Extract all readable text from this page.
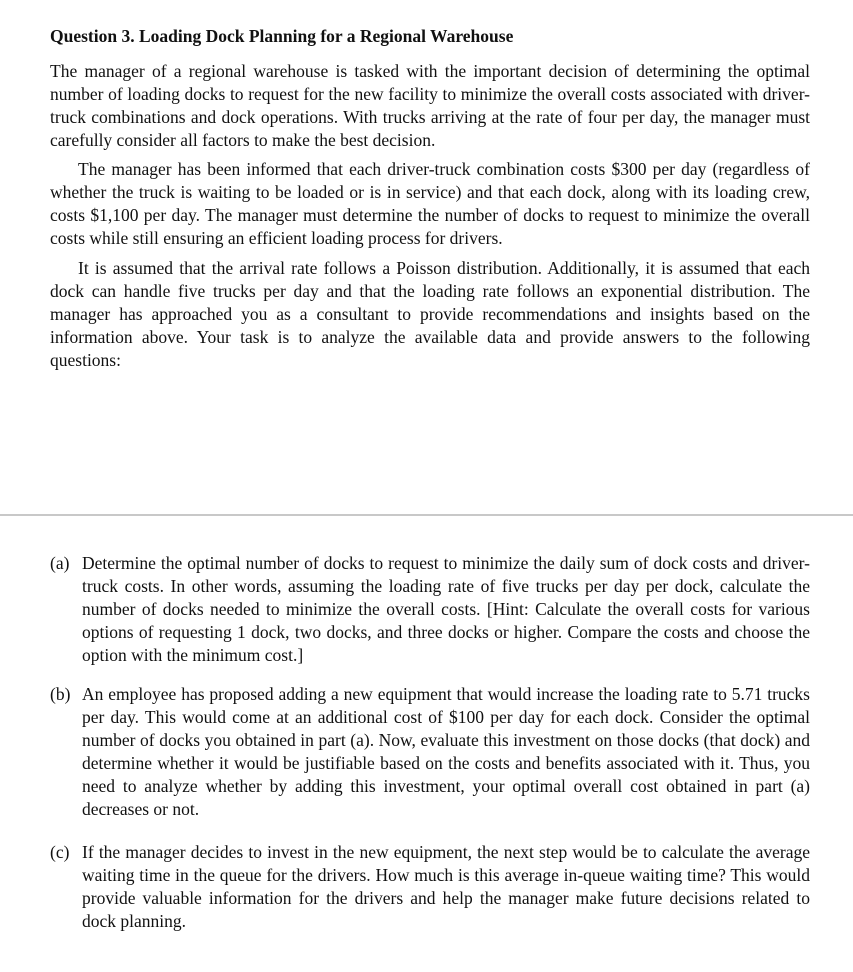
Question 3. Loading Dock Planning for a Regional Warehouse

The manager of a regional warehouse is tasked with the important decision of determining the optimal number of loading docks to request for the new facility to minimize the overall costs associated with driver-truck combinations and dock operations. With trucks arriving at the rate of four per day, the manager must carefully consider all factors to make the best decision.

The manager has been informed that each driver-truck combination costs $300 per day (regardless of whether the truck is waiting to be loaded or is in service) and that each dock, along with its loading crew, costs $1,100 per day. The manager must determine the number of docks to request to minimize the overall costs while still ensuring an efficient loading process for drivers.

It is assumed that the arrival rate follows a Poisson distribution. Additionally, it is assumed that each dock can handle five trucks per day and that the loading rate follows an exponential distribution. The manager has approached you as a consultant to provide recommendations and insights based on the information above. Your task is to analyze the available data and provide answers to the following questions:

(a) Determine the optimal number of docks to request to minimize the daily sum of dock costs and driver-truck costs. In other words, assuming the loading rate of five trucks per day per dock, calculate the number of docks needed to minimize the overall costs. [Hint: Calculate the overall costs for various options of requesting 1 dock, two docks, and three docks or higher. Compare the costs and choose the option with the minimum cost.]
(b) An employee has proposed adding a new equipment that would increase the loading rate to 5.71 trucks per day. This would come at an additional cost of $100 per day for each dock. Consider the optimal number of docks you obtained in part (a). Now, evaluate this investment on those docks (that dock) and determine whether it would be justifiable based on the costs and benefits associated with it. Thus, you need to analyze whether by adding this investment, your optimal overall cost obtained in part (a) decreases or not.
(c) If the manager decides to invest in the new equipment, the next step would be to calculate the average waiting time in the queue for the drivers. How much is this average in-queue waiting time? This would provide valuable information for the drivers and help the manager make future decisions related to dock planning.
